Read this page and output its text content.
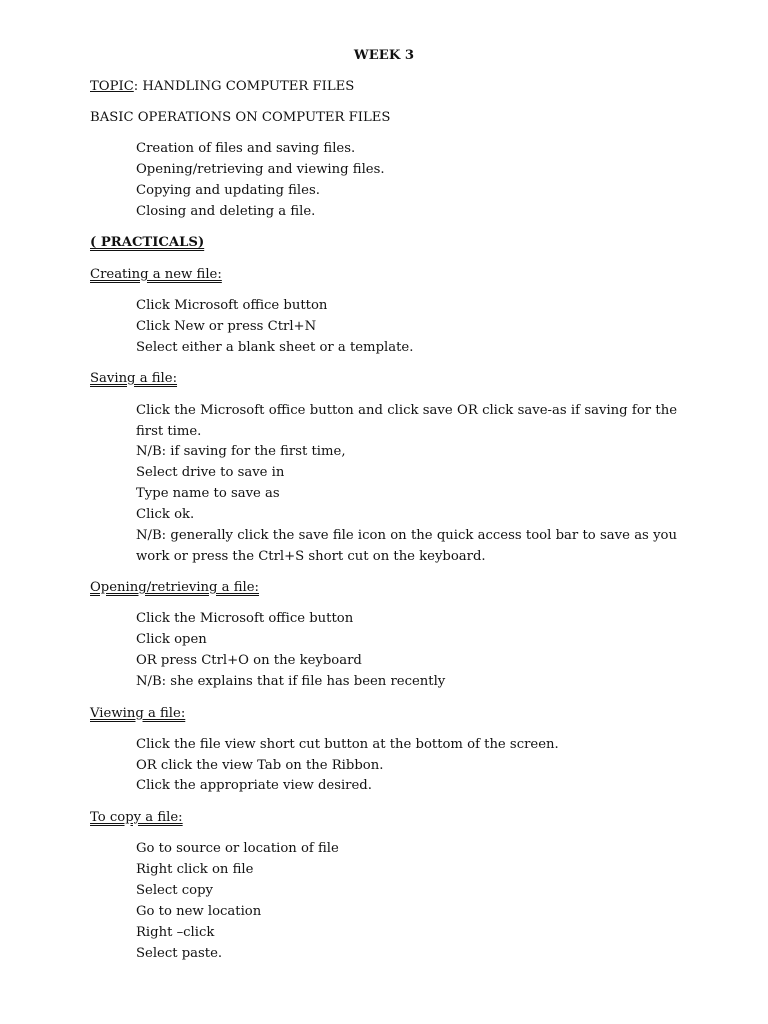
WEEK 3
TOPIC: HANDLING COMPUTER FILES
BASIC OPERATIONS ON COMPUTER FILES
Creation of files and saving files.
Opening/retrieving and viewing files.
Copying and updating files.
Closing and deleting a file.
( PRACTICALS)
Creating a new file:
Click Microsoft office button
Click New or press Ctrl+N
Select either a blank sheet or a template.
Saving a file:
Click the Microsoft office button and click save OR click save-as if saving for the first time.
N/B: if saving for the first time,
Select drive to save in
Type name to save as
Click ok.
N/B: generally click the save file icon on the quick access tool bar to save as you work or press the Ctrl+S short cut on the keyboard.
Opening/retrieving a file:
Click the Microsoft office button
Click open
OR press Ctrl+O on the keyboard
N/B: she explains that if file has been recently
Viewing a file:
Click the file view short cut button at the bottom of the screen.
OR click the view Tab on the Ribbon.
Click the appropriate view desired.
To copy a file:
Go to source or location of file
Right click on file
Select copy
Go to new location
Right –click
Select paste.
